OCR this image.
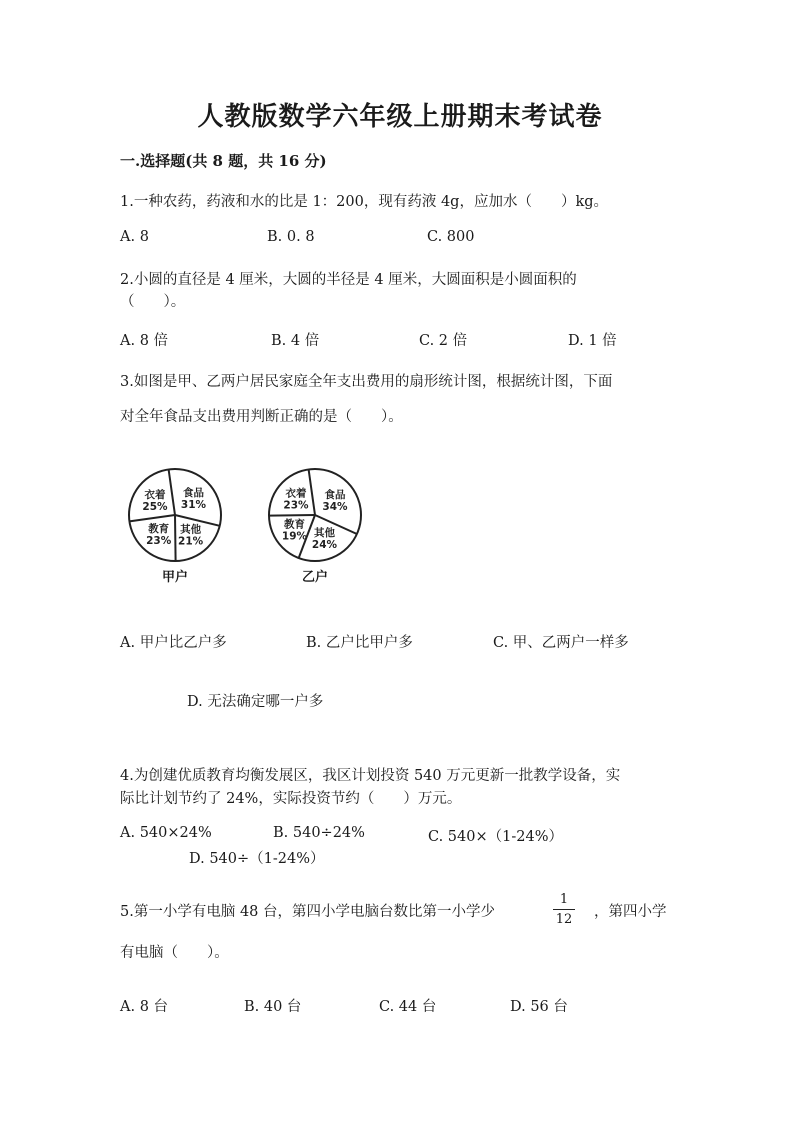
人教版数学六年级上册期末考试卷
一.选择题(共 8 题，共 16 分)
1.一种农药，药液和水的比是 1：200，现有药液 4g，应加水（　　）kg。
A. 8	B. 0. 8	C. 800
2.小圆的直径是 4 厘米，大圆的半径是 4 厘米，大圆面积是小圆面积的
（　　）。
A. 8 倍	B. 4 倍	C. 2 倍	D. 1 倍
3.如图是甲、乙两户居民家庭全年支出费用的扇形统计图，根据统计图，下面
对全年食品支出费用判断正确的是（　　）。
食品
31%
其他
21%
教育
23%
衣着
25%
甲户
食品
34%
其他
24%
教育
19%
衣着
23%
乙户
A. 甲户比乙户多	B. 乙户比甲户多	C. 甲、乙两户一样多
D. 无法确定哪一户多
4.为创建优质教育均衡发展区，我区计划投资 540 万元更新一批教学设备，实
际比计划节约了 24%，实际投资节约（　　）万元。
A. 540×24%	B. 540÷24%	C. 540×（1-24%）
D. 540÷（1-24%）
5.第一小学有电脑 48 台，第四小学电脑台数比第一小学少
1
12 ，第四小学
有电脑（　　）。
A. 8 台	B. 40 台	C. 44 台	D. 56 台
